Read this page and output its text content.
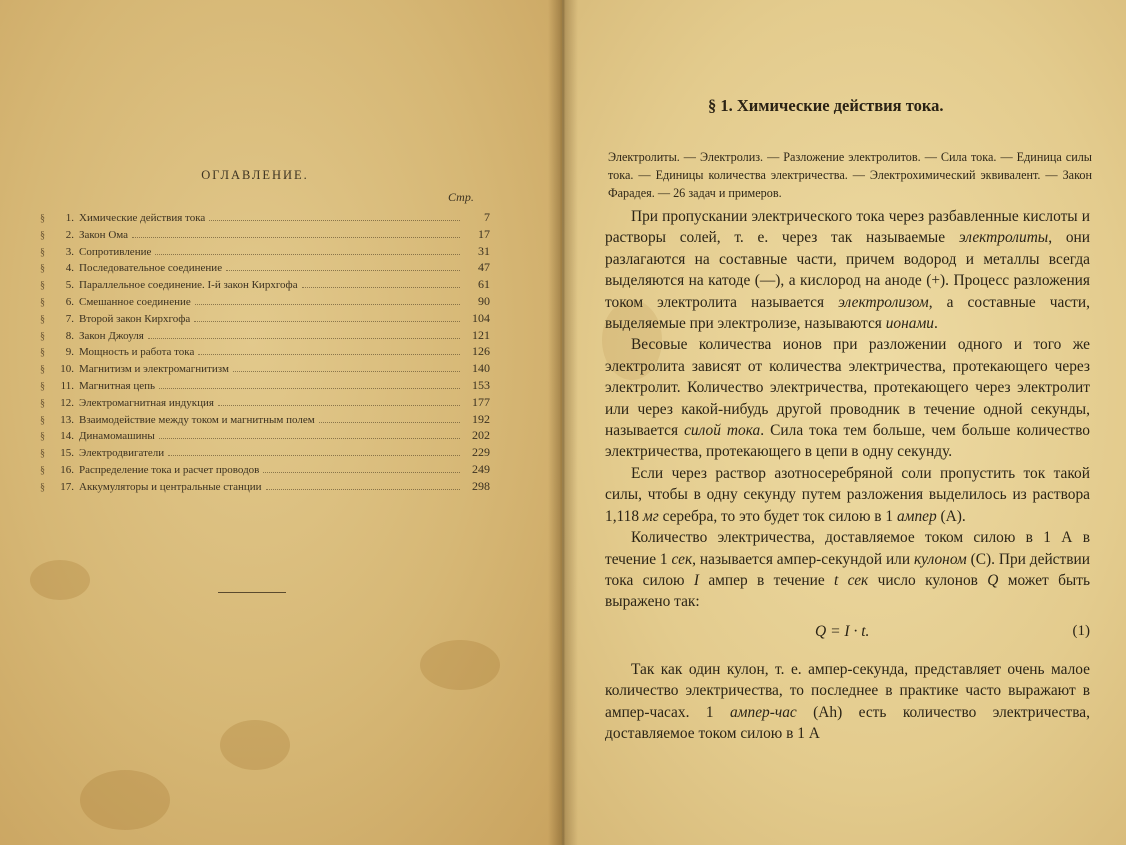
ОГЛАВЛЕНИЕ.
Стр.
§	1. Химические действия тока	7
§	2. Закон Ома	17
§	3. Сопротивление	31
§	4. Последовательное соединение	47
§	5. Параллельное соединение. I-й закон Кирхгофа	61
§	6. Смешанное соединение	90
§	7. Второй закон Кирхгофа	104
§	8. Закон Джоуля	121
§	9. Мощность и работа тока	126
§	10. Магнитизм и электромагнитизм	140
§	11. Магнитная цепь	153
§	12. Электромагнитная индукция	177
§	13. Взаимодействие между током и магнитным полем	192
§	14. Динамомашины	202
§	15. Электродвигатели	229
§	16. Распределение тока и расчет проводов	249
§	17. Аккумуляторы и центральные станции	298
§ 1. Химические действия тока.
Электролиты. — Электролиз. — Разложение электролитов. — Сила тока. — Единица силы тока. — Единицы количества электричества. — Электрохимический эквивалент. — Закон Фарадея. — 26 задач и примеров.

При пропускании электрического тока через разбавленные кислоты и растворы солей, т. е. через так называемые электролиты, они разлагаются на составные части, причем водород и металлы всегда выделяются на катоде (—), а кислород на аноде (+). Процесс разложения током электролита называется электролизом, а составные части, выделяемые при электролизе, называются ионами.

Весовые количества ионов при разложении одного и того же электролита зависят от количества электричества, протекающего через электролит. Количество электричества, протекающего через электролит или через какой-нибудь другой проводник в течение одной секунды, называется силой тока. Сила тока тем больше, чем больше количество электричества, протекающего в цепи в одну секунду.

Если через раствор азотносеребряной соли пропустить ток такой силы, чтобы в одну секунду путем разложения выделилось из раствора 1,118 мг серебра, то это будет ток силою в 1 ампер (А).

Количество электричества, доставляемое током силою в 1 А в течение 1 сек, называется ампер-секундой или кулоном (С). При действии тока силою I ампер в течение t сек число кулонов Q может быть выражено так:

Q = I · t.	(1)

Так как один кулон, т. е. ампер-секунда, представляет очень малое количество электричества, то последнее в практике часто выражают в ампер-часах. 1 ампер-час (Ah) есть количество электричества, доставляемое током силою в 1 А
